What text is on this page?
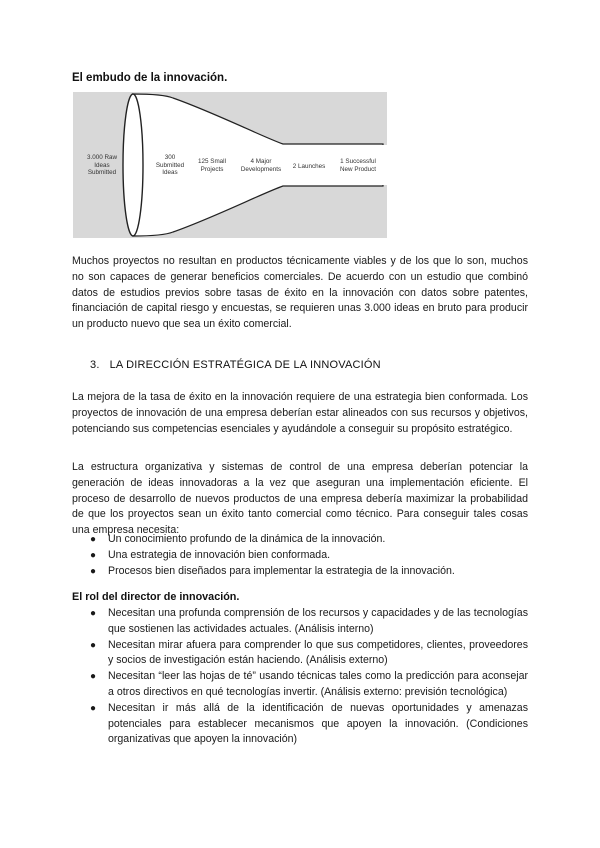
El embudo de la innovación.
3.000 Raw
Ideas
Submitted
300
Submitted
Ideas
125 Small
Projects
4 Major
Developments	2 Launches
1 Successful
New Product
Muchos proyectos no resultan en productos técnicamente viables y de los que lo son, muchos no son capaces de generar beneficios comerciales. De acuerdo con un estudio que combinó datos de estudios previos sobre tasas de éxito en la innovación con datos sobre patentes, financiación de capital riesgo y encuestas, se requieren unas 3.000 ideas en bruto para producir un producto nuevo que sea un éxito comercial.
3. LA DIRECCIÓN ESTRATÉGICA DE LA INNOVACIÓN
La mejora de la tasa de éxito en la innovación requiere de una estrategia bien conformada. Los proyectos de innovación de una empresa deberían estar alineados con sus recursos y objetivos, potenciando sus competencias esenciales y ayudándole a conseguir su propósito estratégico.
La estructura organizativa y sistemas de control de una empresa deberían potenciar la generación de ideas innovadoras a la vez que aseguran una implementación eficiente. El proceso de desarrollo de nuevos productos de una empresa debería maximizar la probabilidad de que los proyectos sean un éxito tanto comercial como técnico. Para conseguir tales cosas una empresa necesita:
● Un conocimiento profundo de la dinámica de la innovación.
● Una estrategia de innovación bien conformada.
● Procesos bien diseñados para implementar la estrategia de la innovación.
El rol del director de innovación.
● Necesitan una profunda comprensión de los recursos y capacidades y de las tecnologías que sostienen las actividades actuales. (Análisis interno)
● Necesitan mirar afuera para comprender lo que sus competidores, clientes, proveedores y socios de investigación están haciendo. (Análisis externo)
● Necesitan “leer las hojas de té” usando técnicas tales como la predicción para aconsejar a otros directivos en qué tecnologías invertir. (Análisis externo: previsión tecnológica)
● Necesitan ir más allá de la identificación de nuevas oportunidades y amenazas potenciales para establecer mecanismos que apoyen la innovación. (Condiciones organizativas que apoyen la innovación)
